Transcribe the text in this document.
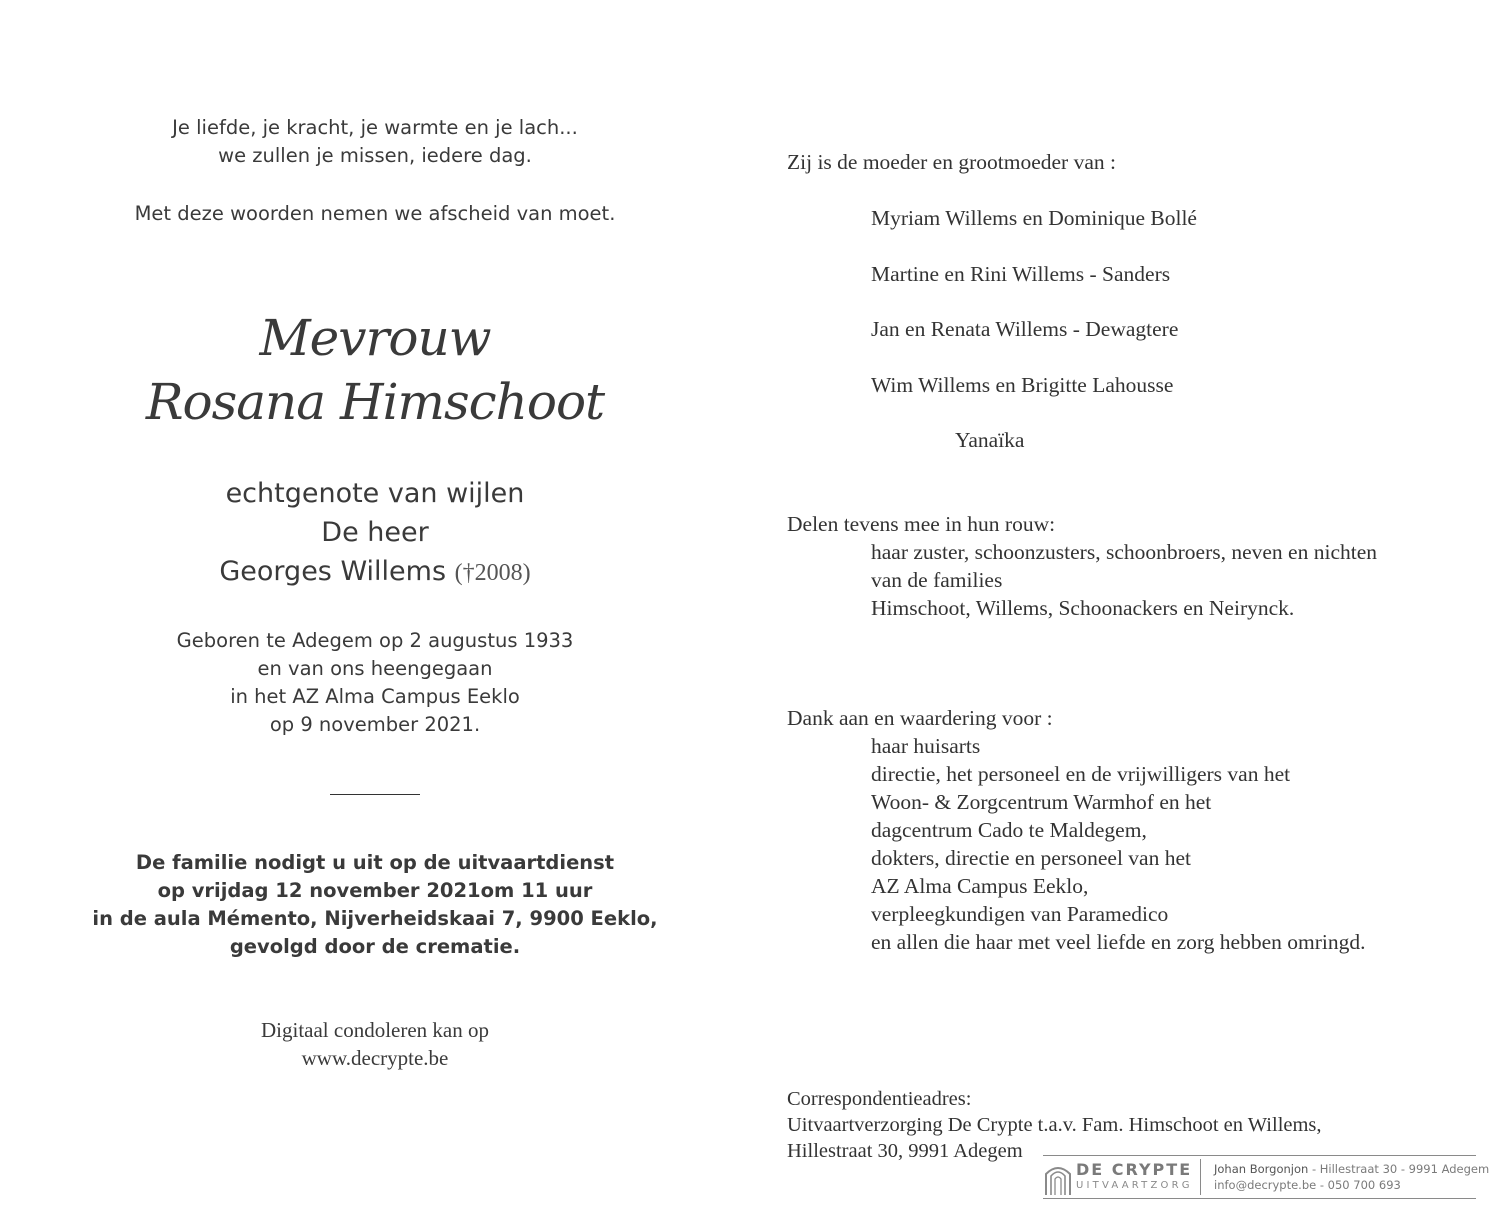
Je liefde, je kracht, je warmte en je lach...
we zullen je missen, iedere dag.
Met deze woorden nemen we afscheid van moet.
Mevrouw
Rosana Himschoot
echtgenote van wijlen
De heer
Georges Willems (†2008)
Geboren te Adegem op 2 augustus 1933
en van ons heengegaan
in het AZ Alma Campus Eeklo
op 9 november 2021.
De familie nodigt u uit op de uitvaartdienst
op vrijdag 12 november 2021om 11 uur
in de aula Mémento, Nijverheidskaai 7, 9900 Eeklo,
gevolgd door de crematie.
Digitaal condoleren kan op
www.decrypte.be
Zij is de moeder en grootmoeder van :
Myriam Willems en Dominique Bollé
Martine en Rini Willems - Sanders
Jan en Renata Willems - Dewagtere
Wim Willems en Brigitte Lahousse
Yanaïka
Delen tevens mee in hun rouw:
haar zuster, schoonzusters, schoonbroers, neven en nichten
van de families
Himschoot, Willems, Schoonackers en Neirynck.
Dank aan en waardering voor :
haar huisarts
directie, het personeel en de vrijwilligers van het
Woon- & Zorgcentrum Warmhof en het
dagcentrum Cado te Maldegem,
dokters, directie en personeel van het
AZ Alma Campus Eeklo,
verpleegkundigen van Paramedico
en allen die haar met veel liefde en zorg hebben omringd.
Correspondentieadres:
Uitvaartverzorging De Crypte t.a.v. Fam. Himschoot en Willems,
Hillestraat 30, 9991 Adegem
DE CRYPTE
UITVAARTZORG
Johan Borgonjon - Hillestraat 30 - 9991 Adegem
info@decrypte.be - 050 700 693
